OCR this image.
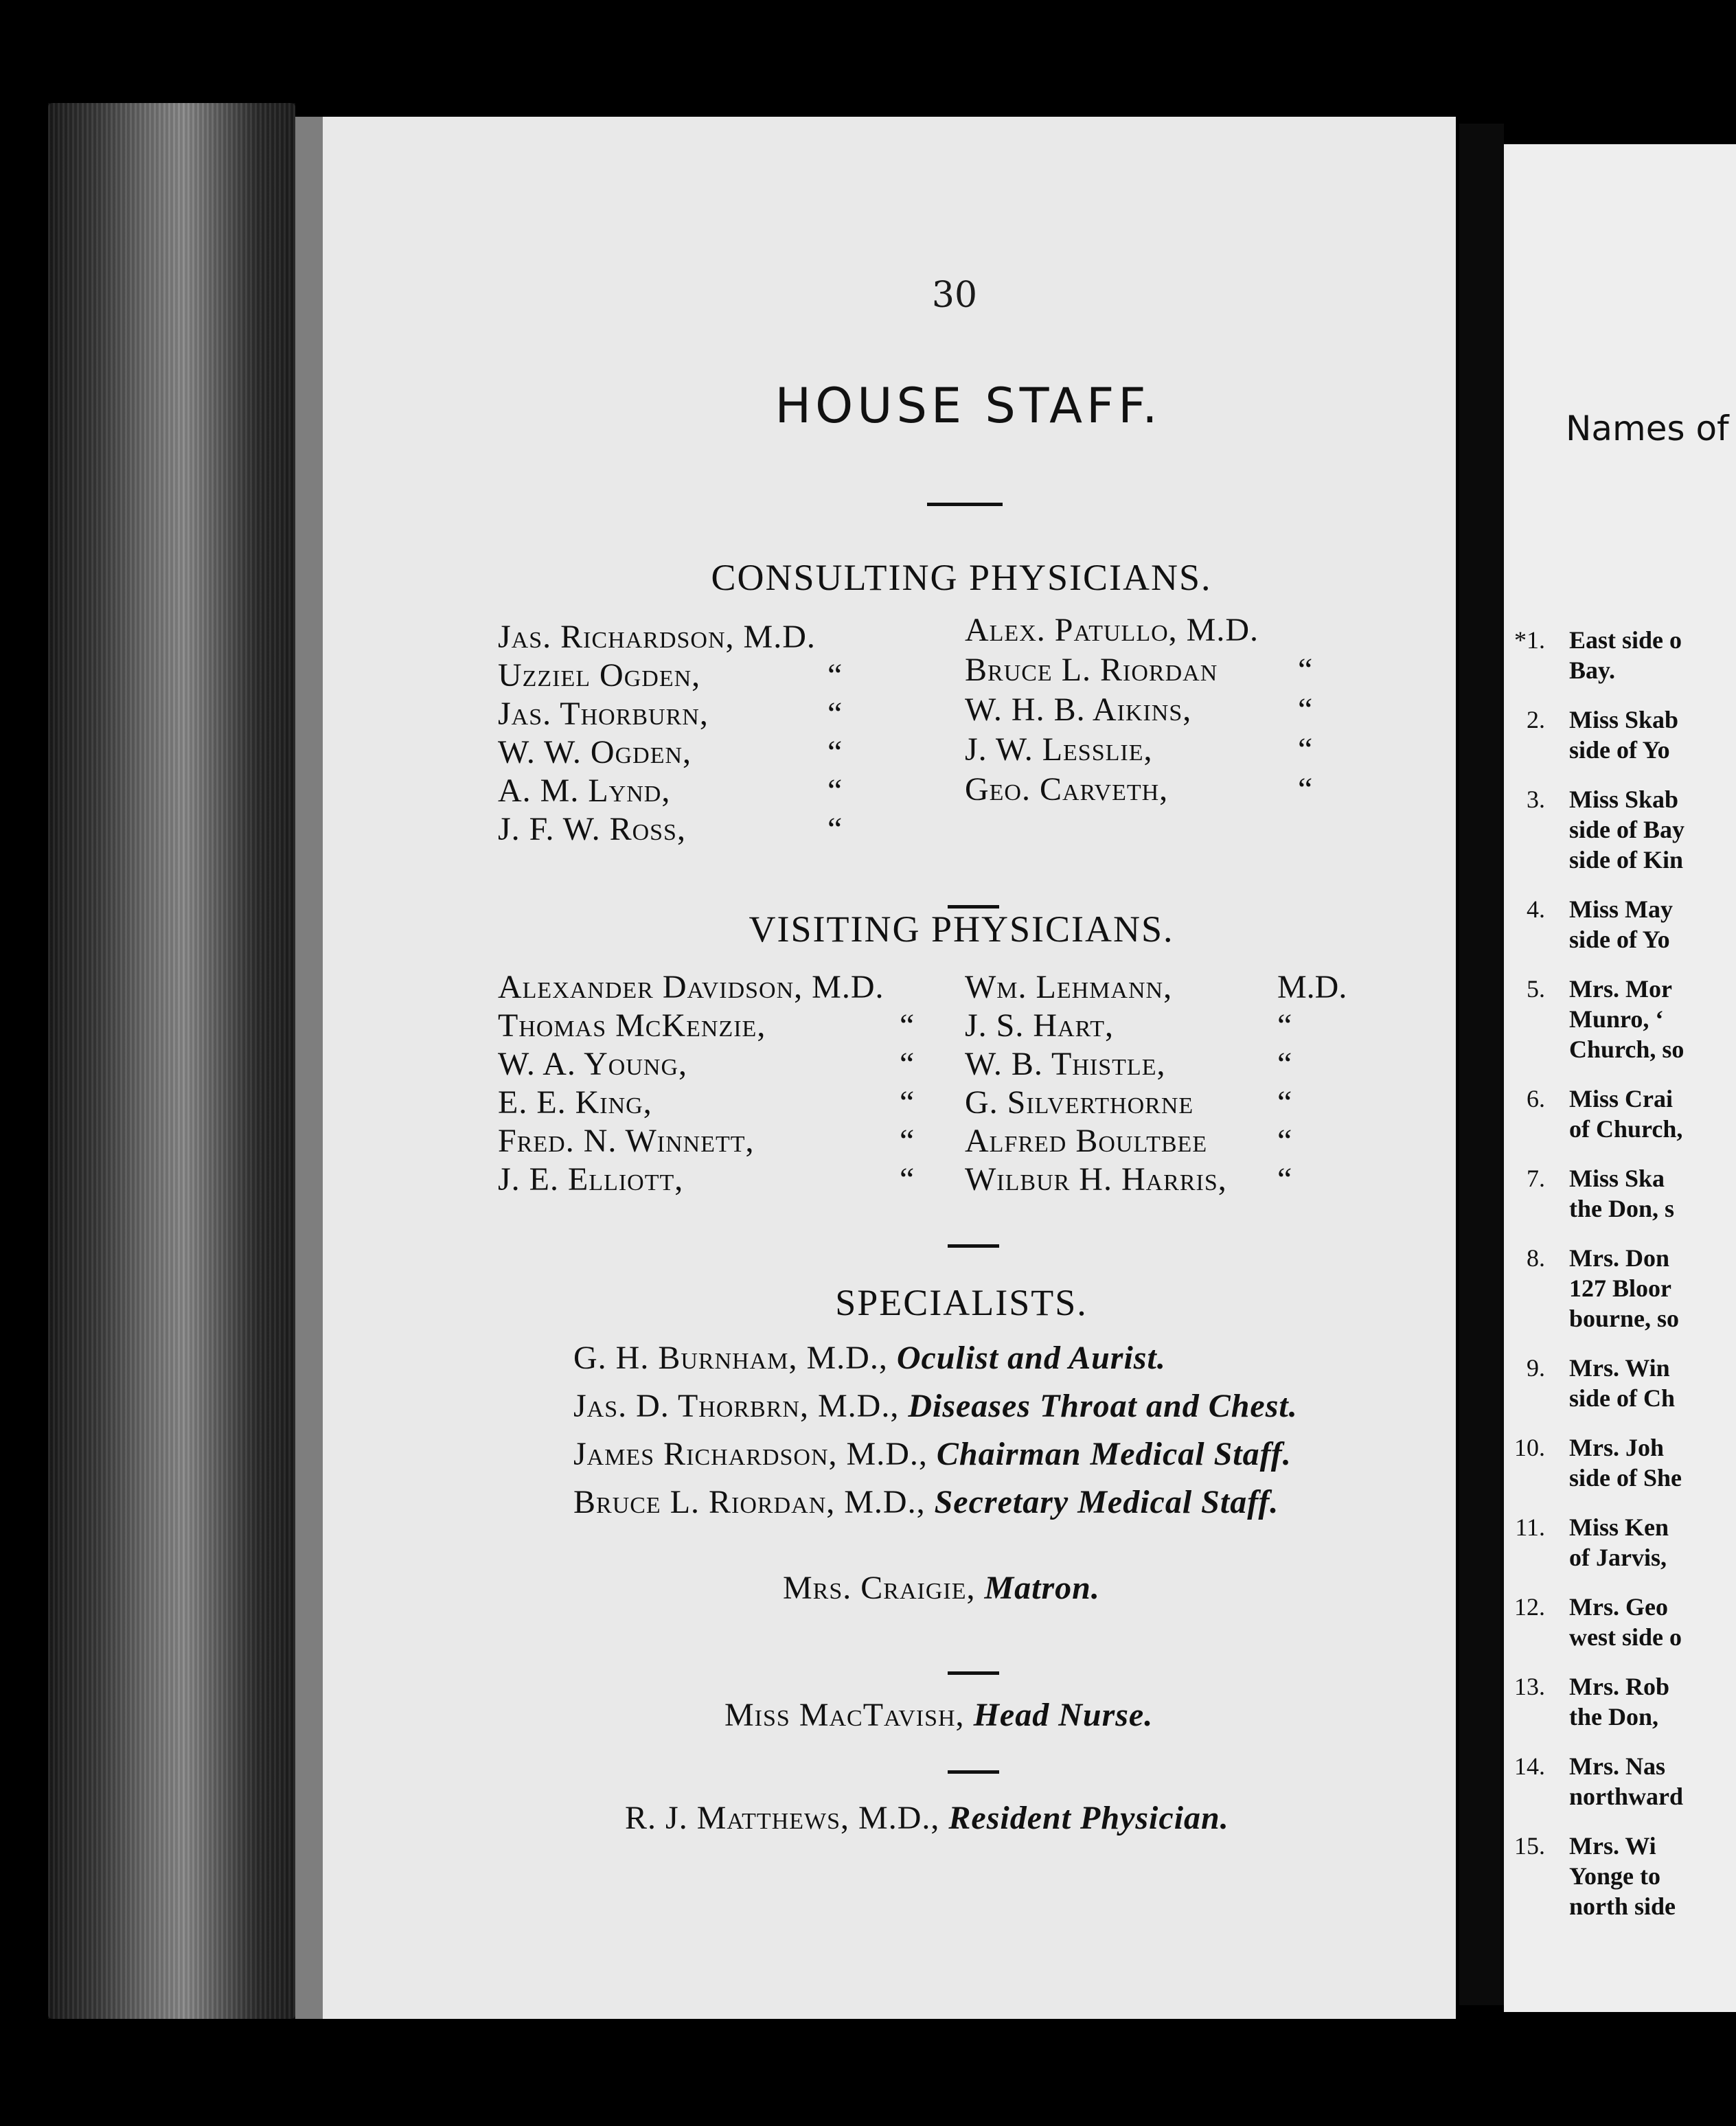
Names of
*1. East side o
Bay.
2. Miss Skab
side of Yo
3. Miss Skab
side of Bay
side of Kin
4. Miss May
side of Yo
5. Mrs. Mor
Munro, ‘
Church, so
6. Miss Crai
of Church,
7. Miss Ska
the Don, s
8. Mrs. Don
127 Bloor
bourne, so
9. Mrs. Win
side of Ch
10. Mrs. Joh
side of She
11. Miss Ken
of Jarvis,
12. Mrs. Geo
west side o
13. Mrs. Rob
the Don,
14. Mrs. Nas
northward
15. Mrs. Wi
Yonge to
north side
30
HOUSE STAFF.
CONSULTING PHYSICIANS.
Jas. Richardson, M.D.
Uzziel Ogden,	“
Jas. Thorburn,	“
W. W. Ogden,	“
A. M. Lynd,	“
J. F. W. Ross,	“
Alex. Patullo, M.D.
Bruce L. Riordan “
W. H. B. Aikins,	“
J. W. Lesslie,	“
Geo. Carveth,	“
VISITING PHYSICIANS.
Alexander Davidson, M.D.
Thomas McKenzie,	“
W. A. Young,	“
E. E. King,	“
Fred. N. Winnett,	“
J. E. Elliott,	“
Wm. Lehmann,	M.D.
J. S. Hart,	“
W. B. Thistle,	“
G. Silverthorne	“
Alfred Boultbee “
Wilbur H. Harris, “
SPECIALISTS.
G. H. Burnham, M.D., Oculist and Aurist.
Jas. D. Thorbrn, M.D., Diseases Throat and Chest.
James Richardson, M.D., Chairman Medical Staff.
Bruce L. Riordan, M.D., Secretary Medical Staff.
Mrs. Craigie, Matron.
Miss MacTavish, Head Nurse.
R. J. Matthews, M.D., Resident Physician.
